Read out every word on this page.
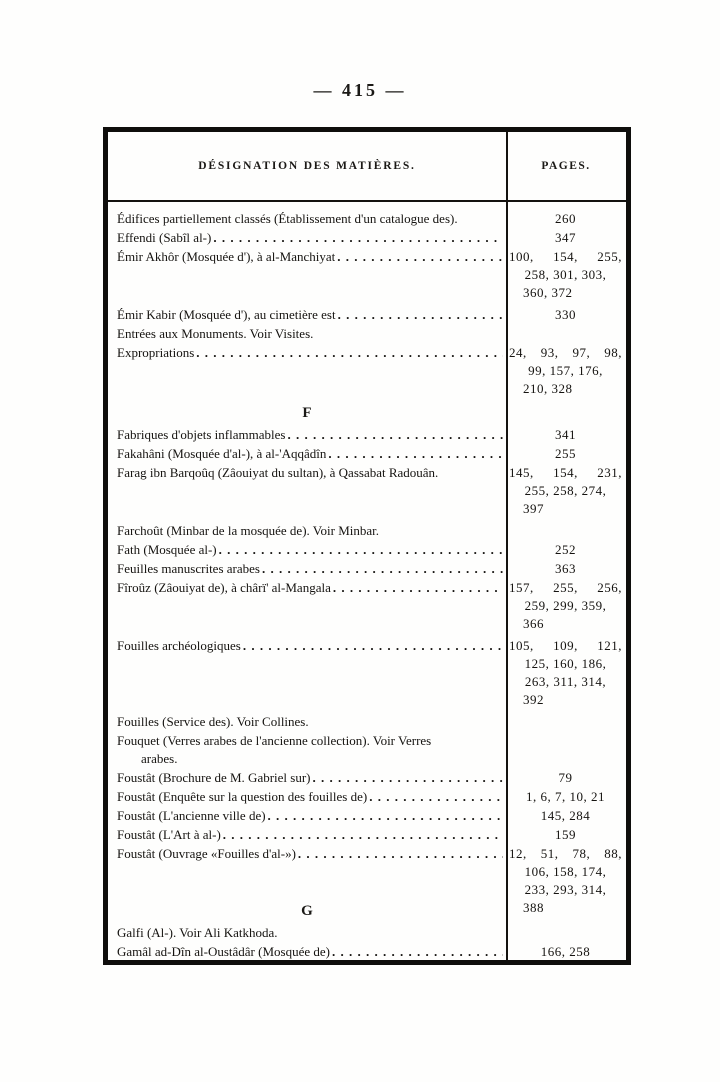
— 415 —
DÉSIGNATION DES MATIÈRES.	PAGES.
Édifices partiellement classés (Établissement d'un catalogue des).	260
Effendi (Sabîl al-) . . .	347
Émir Akhôr (Mosquée d'), à al-Manchiyat . . .	100, 154, 255,
258, 301, 303,
360, 372
Émir Kabir (Mosquée d'), au cimetière est . . .	330
Entrées aux Monuments. Voir Visites.
Expropriations . . .	24, 93, 97, 98,
99, 157, 176,
210, 328
F
Fabriques d'objets inflammables . . .	341
Fakahâni (Mosquée d'al-), à al-'Aqqâdîn . . .	255
Farag ibn Barqoûq (Zâouiyat du sultan), à Qassabat Radouân.	145, 154, 231,
255, 258, 274,
397
Farchoût (Minbar de la mosquée de). Voir Minbar.
Fath (Mosquée al-) . . .	252
Feuilles manuscrites arabes . . .	363
Fîroûz (Zâouiyat de), à chârï' al-Mangala . . .	157, 255, 256,
259, 299, 359,
366
Fouilles archéologiques . . .	105, 109, 121,
125, 160, 186,
263, 311, 314,
392
Fouilles (Service des). Voir Collines.
Fouquet (Verres arabes de l'ancienne collection). Voir Verres
arabes.
Foustât (Brochure de M. Gabriel sur) . . .	79
Foustât (Enquête sur la question des fouilles de) . . .	1, 6, 7, 10, 21
Foustât (L'ancienne ville de) . . .	145, 284
Foustât (L'Art à al-) . . .	159
Foustât (Ouvrage «Fouilles d'al-») . . .	12, 51, 78, 88,
106, 158, 174,
233, 293, 314,
388
G
Galfi (Al-). Voir Ali Katkhoda.
Gamâl ad-Dîn al-Oustâdâr (Mosquée de) . . .	166, 258
